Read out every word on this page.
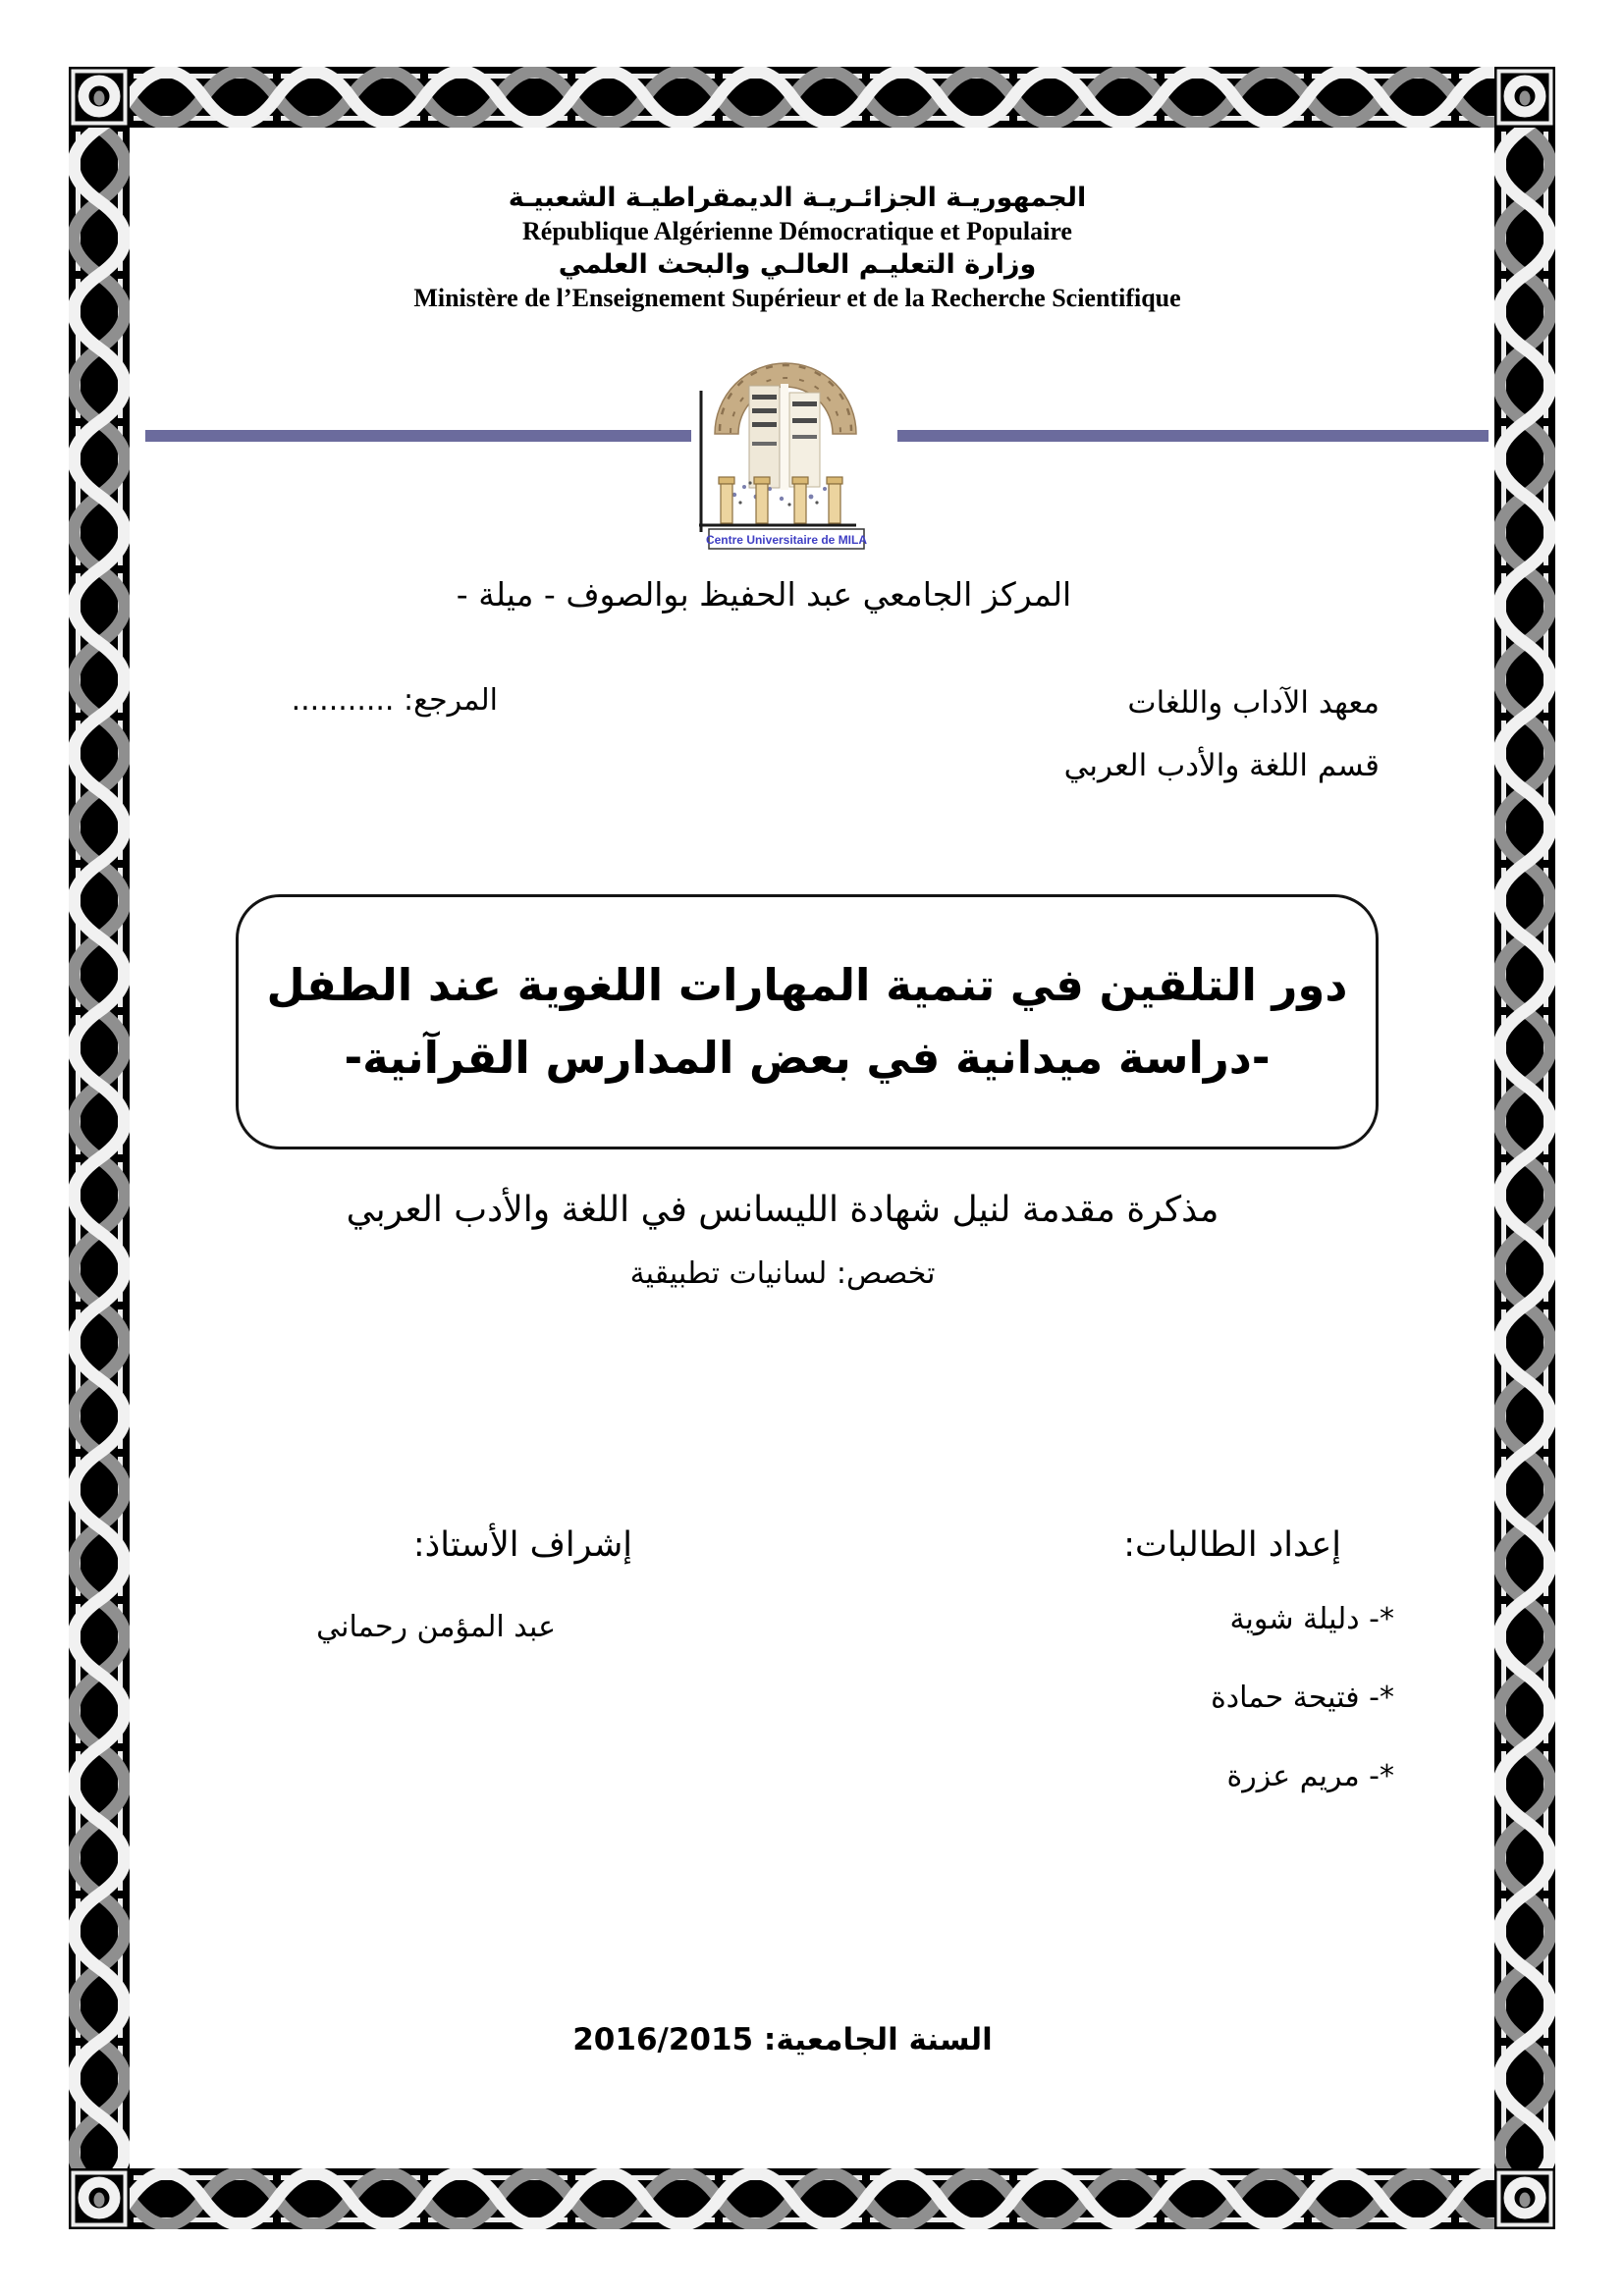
الجمهوريـة الجزائـريـة الديمقراطيـة الشعبيـة
République Algérienne Démocratique et Populaire
وزارة التعليـم العالـي والبحث العلمي
Ministère de l’Enseignement Supérieur et de la Recherche Scientifique
Centre Universitaire de MILA
المركز الجامعي عبد الحفيظ بوالصوف - ميلة -
معهد الآداب واللغات
قسم اللغة والأدب العربي
المرجع: ...........
دور التلقين في تنمية المهارات اللغوية عند الطفل
-دراسة ميدانية في بعض المدارس القرآنية-
مذكرة مقدمة لنيل شهادة الليسانس في اللغة والأدب العربي
تخصص: لسانيات تطبيقية
إعداد الطالبات:
*- دليلة شوية
*- فتيحة حمادة
*- مريم عزرة
إشراف الأستاذ:
عبد المؤمن رحماني
السنة الجامعية: 2016/2015
